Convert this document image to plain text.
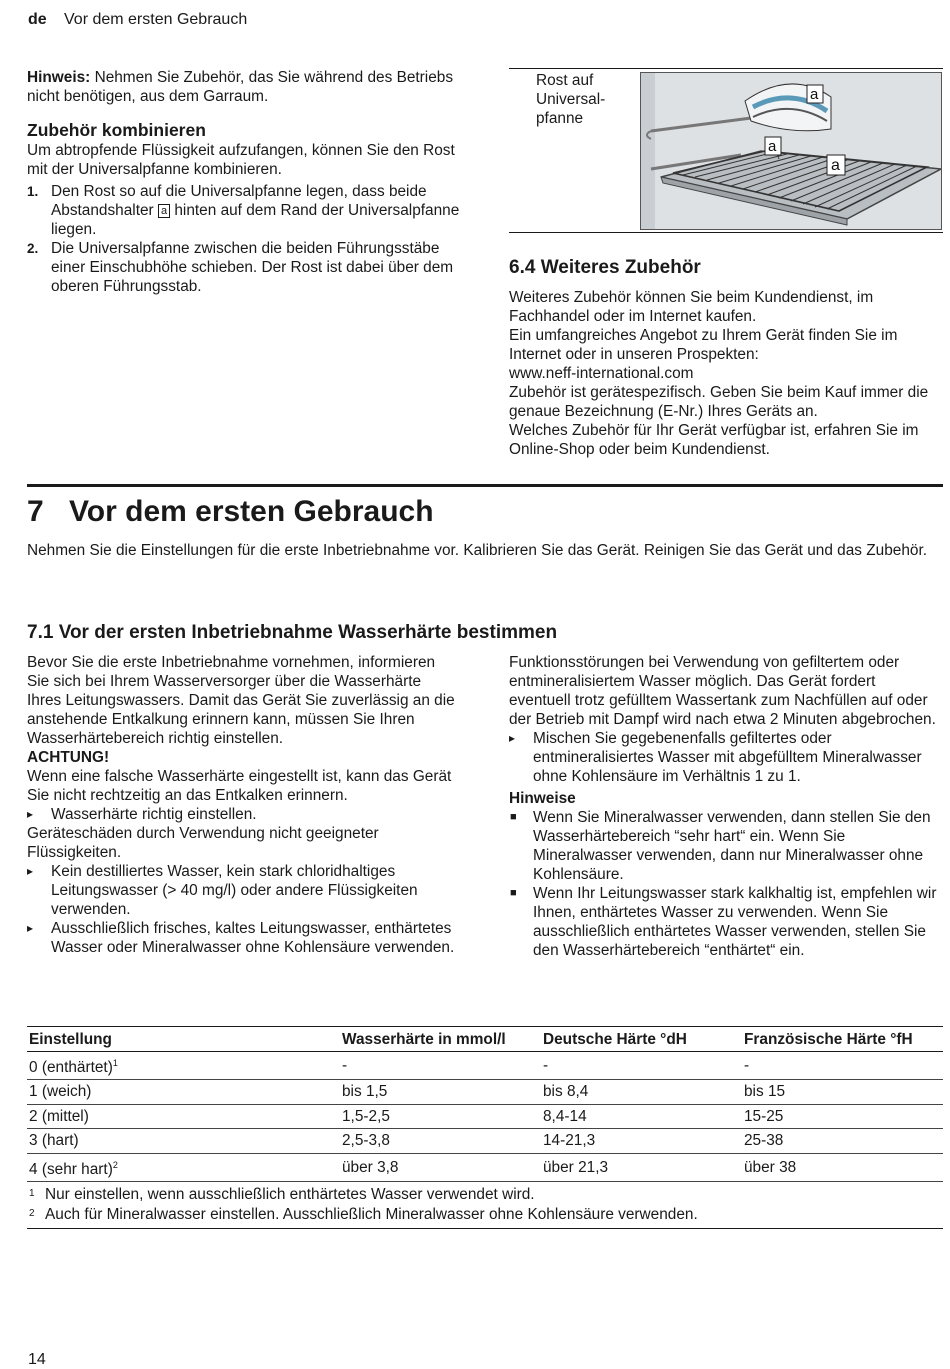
de Vor dem ersten Gebrauch

Hinweis: Nehmen Sie Zubehör, das Sie während des Betriebs nicht benötigen, aus dem Garraum.

Zubehör kombinieren

Um abtropfende Flüssigkeit aufzufangen, können Sie den Rost mit der Universalpfanne kombinieren.

1. Den Rost so auf die Universalpfanne legen, dass beide Abstandshalter a hinten auf dem Rand der Universalpfanne liegen.
2. Die Universalpfanne zwischen die beiden Führungsstäbe einer Einschubhöhe schieben. Der Rost ist dabei über dem oberen Führungsstab.
Rost auf
Universal-
pfanne
a
a
a
6.4 Weiteres Zubehör

Weiteres Zubehör können Sie beim Kundendienst, im Fachhandel oder im Internet kaufen.

Ein umfangreiches Angebot zu Ihrem Gerät finden Sie im Internet oder in unseren Prospekten:

www.neff-international.com

Zubehör ist gerätespezifisch. Geben Sie beim Kauf immer die genaue Bezeichnung (E-Nr.) Ihres Geräts an.

Welches Zubehör für Ihr Gerät verfügbar ist, erfahren Sie im Online-Shop oder beim Kundendienst.

7 Vor dem ersten Gebrauch

Nehmen Sie die Einstellungen für die erste Inbetriebnahme vor. Kalibrieren Sie das Gerät. Reinigen Sie das Gerät und das Zubehör.

7.1 Vor der ersten Inbetriebnahme Wasserhärte bestimmen

Bevor Sie die erste Inbetriebnahme vornehmen, informieren Sie sich bei Ihrem Wasserversorger über die Wasserhärte Ihres Leitungswassers. Damit das Gerät Sie zuverlässig an die anstehende Entkalkung erinnern kann, müssen Sie Ihren Wasserhärtebereich richtig einstellen.

ACHTUNG!

Wenn eine falsche Wasserhärte eingestellt ist, kann das Gerät Sie nicht rechtzeitig an das Entkalken erinnern.

▸ Wasserhärte richtig einstellen.

Geräteschäden durch Verwendung nicht geeigneter Flüssigkeiten.

▸ Kein destilliertes Wasser, kein stark chloridhaltiges Leitungswasser (> 40 mg/l) oder andere Flüssigkeiten verwenden.
▸ Ausschließlich frisches, kaltes Leitungswasser, enthärtetes Wasser oder Mineralwasser ohne Kohlensäure verwenden.

Funktionsstörungen bei Verwendung von gefiltertem oder entmineralisiertem Wasser möglich. Das Gerät fordert eventuell trotz gefülltem Wassertank zum Nachfüllen auf oder der Betrieb mit Dampf wird nach etwa 2 Minuten abgebrochen.

▸ Mischen Sie gegebenenfalls gefiltertes oder entmineralisiertes Wasser mit abgefülltem Mineralwasser ohne Kohlensäure im Verhältnis 1 zu 1.

Hinweise

■ Wenn Sie Mineralwasser verwenden, dann stellen Sie den Wasserhärtebereich “sehr hart“ ein. Wenn Sie Mineralwasser verwenden, dann nur Mineralwasser ohne Kohlensäure.
■ Wenn Ihr Leitungswasser stark kalkhaltig ist, empfehlen wir Ihnen, enthärtetes Wasser zu verwenden. Wenn Sie ausschließlich enthärtetes Wasser verwenden, stellen Sie den Wasserhärtebereich “enthärtet“ ein.
Einstellung	Wasserhärte in mmol/l	Deutsche Härte °dH	Französische Härte °fH
0 (enthärtet)$^1$	-	-	-
1 (weich)	bis 1,5	bis 8,4	bis 15
2 (mittel)	1,5-2,5	8,4-14	15-25
3 (hart)	2,5-3,8	14-21,3	25-38
4 (sehr hart)$^2$	über 3,8	über 21,3	über 38
1 Nur einstellen, wenn ausschließlich enthärtetes Wasser verwendet wird.			
2 Auch für Mineralwasser einstellen. Ausschließlich Mineralwasser ohne Kohlensäure verwenden.			
14
